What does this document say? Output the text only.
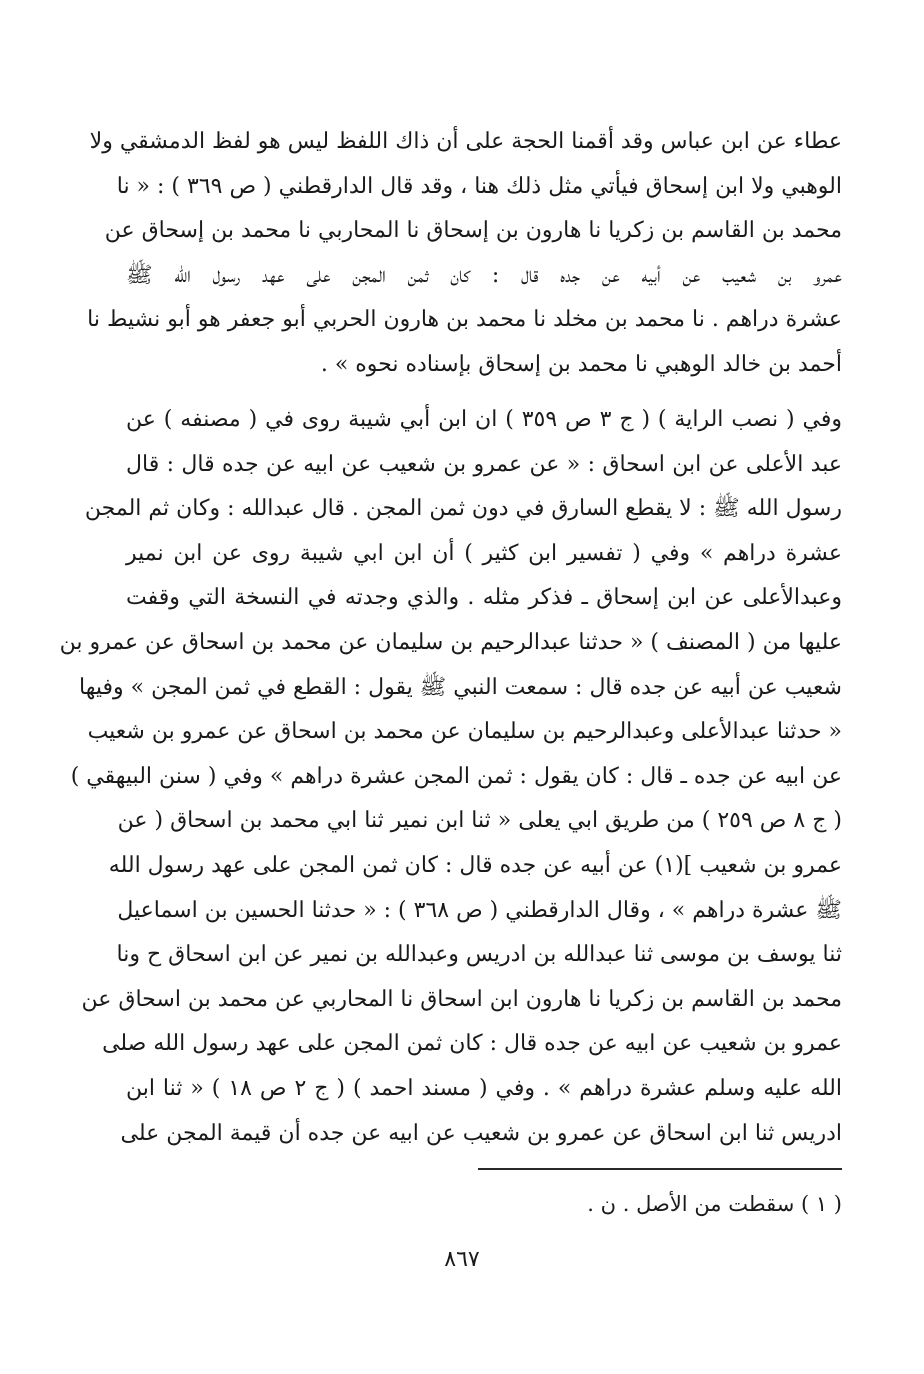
عطاء عن ابن عباس وقد أقمنا الحجة على أن ذاك اللفظ ليس هو لفظ الدمشقي ولا
الوهبي ولا ابن إسحاق فيأتي مثل ذلك هنا ، وقد قال الدارقطني ( ص ٣٦٩ ) : « نا
محمد بن القاسم بن زكريا نا هارون بن إسحاق نا المحاربي نا محمد بن إسحاق عن
عمرو بن شعيب عن أبيه عن جده قال : كان ثمن المجن على عهد رسول الله ﷺ
عشرة دراهم . نا محمد بن مخلد نا محمد بن هارون الحربي أبو جعفر هو أبو نشيط نا
أحمد بن خالد الوهبي نا محمد بن إسحاق بإسناده نحوه » .
وفي ( نصب الراية ) ( ج ٣ ص ٣٥٩ ) ان ابن أبي شيبة روى في ( مصنفه ) عن
عبد الأعلى عن ابن اسحاق : « عن عمرو بن شعيب عن ابيه عن جده قال : قال
رسول الله ﷺ : لا يقطع السارق في دون ثمن المجن . قال عبدالله : وكان ثم المجن
عشرة دراهم » وفي ( تفسير ابن كثير ) أن ابن ابي شيبة روى عن ابن نمير
وعبدالأعلى عن ابن إسحاق ـ فذكر مثله . والذي وجدته في النسخة التي وقفت
عليها من ( المصنف ) « حدثنا عبدالرحيم بن سليمان عن محمد بن اسحاق عن عمرو بن
شعيب عن أبيه عن جده قال : سمعت النبي ﷺ يقول : القطع في ثمن المجن » وفيها
« حدثنا عبدالأعلى وعبدالرحيم بن سليمان عن محمد بن اسحاق عن عمرو بن شعيب
عن ابيه عن جده ـ قال : كان يقول : ثمن المجن عشرة دراهم » وفي ( سنن البيهقي )
( ج ٨ ص ٢٥٩ ) من طريق ابي يعلى « ثنا ابن نمير ثنا ابي محمد بن اسحاق ( عن
عمرو بن شعيب ](١) عن أبيه عن جده قال : كان ثمن المجن على عهد رسول الله
ﷺ عشرة دراهم » ، وقال الدارقطني ( ص ٣٦٨ ) : « حدثنا الحسين بن اسماعيل
ثنا يوسف بن موسى ثنا عبدالله بن ادريس وعبدالله بن نمير عن ابن اسحاق ح ونا
محمد بن القاسم بن زكريا نا هارون ابن اسحاق نا المحاربي عن محمد بن اسحاق عن
عمرو بن شعيب عن ابيه عن جده قال : كان ثمن المجن على عهد رسول الله صلى
الله عليه وسلم عشرة دراهم » . وفي ( مسند احمد ) ( ج ٢ ص ١٨ ) « ثنا ابن
ادريس ثنا ابن اسحاق عن عمرو بن شعيب عن ابيه عن جده أن قيمة المجن على
( ١ ) سقطت من الأصل . ن .
٨٦٧
